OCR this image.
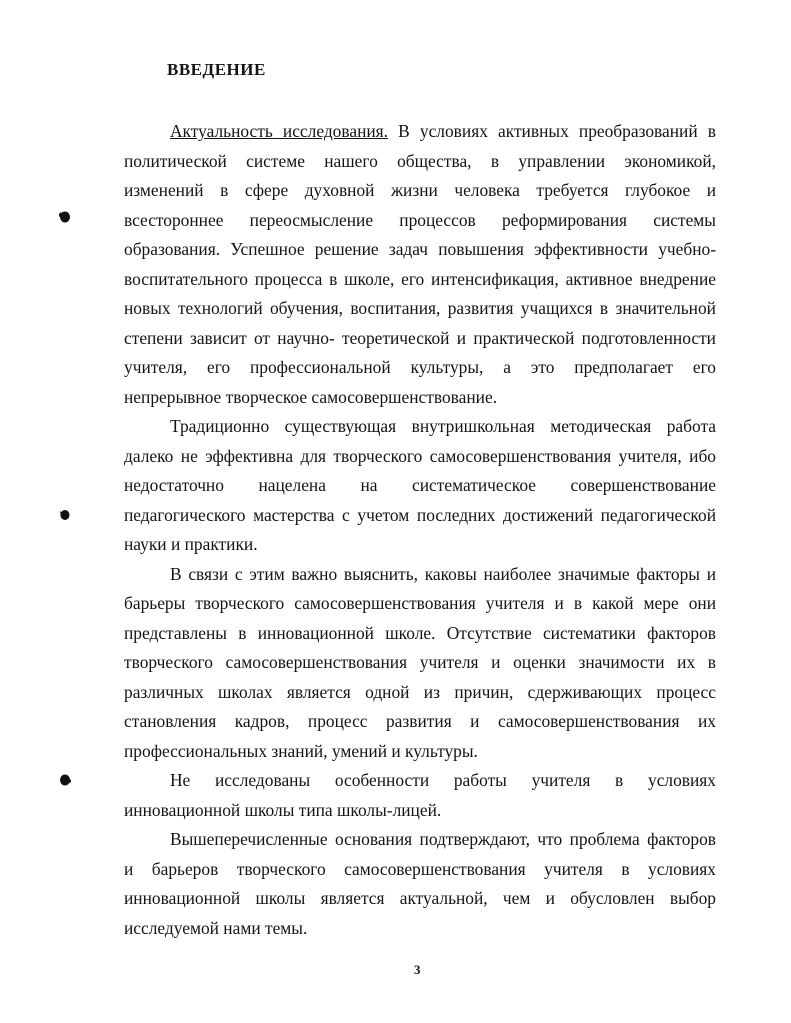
ВВЕДЕНИЕ
Актуальность исследования. В условиях активных преобразований в
политической системе нашего общества, в управлении экономикой,
изменений в сфере духовной жизни человека требуется глубокое и
всестороннее переосмысление процессов реформирования системы
образования. Успешное решение задач повышения эффективности учебно-
воспитательного процесса в школе, его интенсификация, активное внедрение
новых технологий обучения, воспитания, развития учащихся в значительной
степени зависит от научно- теоретической и практической подготовленности
учителя, его профессиональной культуры, а это предполагает его
непрерывное творческое самосовершенствование.
Традиционно существующая внутришкольная методическая работа
далеко не эффективна для творческого самосовершенствования учителя, ибо
недостаточно нацелена на систематическое совершенствование
педагогического мастерства с учетом последних достижений педагогической
науки и практики.
В связи с этим важно выяснить, каковы наиболее значимые факторы и
барьеры творческого самосовершенствования учителя и в какой мере они
представлены в инновационной школе. Отсутствие систематики факторов
творческого самосовершенствования учителя и оценки значимости их в
различных школах является одной из причин, сдерживающих процесс
становления кадров, процесс развития и самосовершенствования их
профессиональных знаний, умений и культуры.
Не исследованы особенности работы учителя в условиях
инновационной школы типа школы-лицей.
Вышеперечисленные основания подтверждают, что проблема факторов
и барьеров творческого самосовершенствования учителя в условиях
инновационной школы является актуальной, чем и обусловлен выбор
исследуемой нами темы.
3
